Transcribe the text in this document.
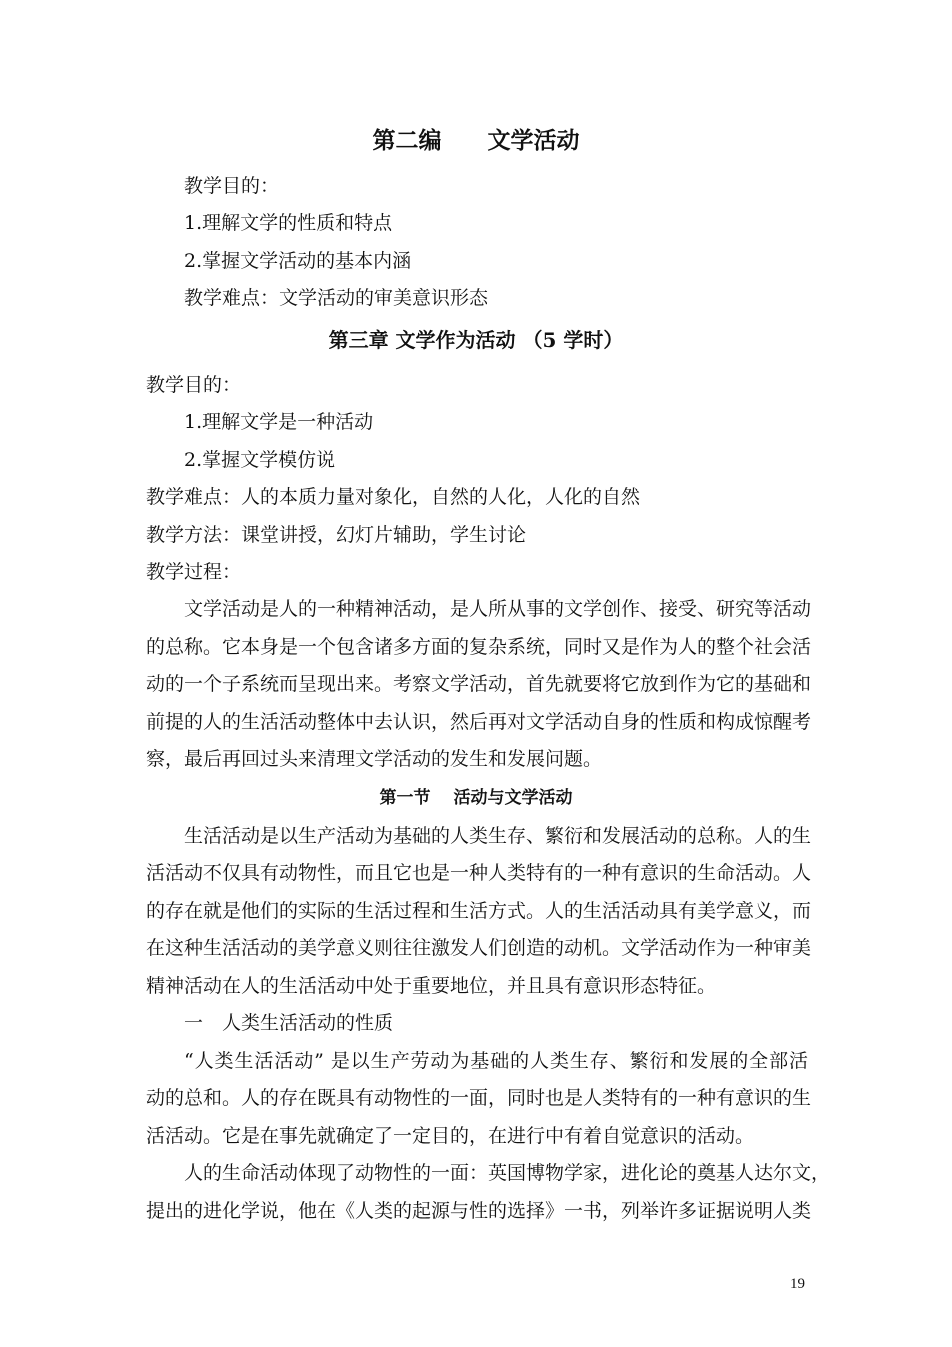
第二编　　文学活动
教学目的：
1.理解文学的性质和特点
2.掌握文学活动的基本内涵
教学难点：文学活动的审美意识形态
第三章 文学作为活动 （5 学时）
教学目的：
1.理解文学是一种活动
2.掌握文学模仿说
教学难点：人的本质力量对象化，自然的人化，人化的自然
教学方法：课堂讲授，幻灯片辅助，学生讨论
教学过程：
文学活动是人的一种精神活动，是人所从事的文学创作、接受、研究等活动
的总称。它本身是一个包含诸多方面的复杂系统，同时又是作为人的整个社会活
动的一个子系统而呈现出来。考察文学活动，首先就要将它放到作为它的基础和
前提的人的生活活动整体中去认识，然后再对文学活动自身的性质和构成惊醒考
察，最后再回过头来清理文学活动的发生和发展问题。
第一节　 活动与文学活动
生活活动是以生产活动为基础的人类生存、繁衍和发展活动的总称。人的生
活活动不仅具有动物性，而且它也是一种人类特有的一种有意识的生命活动。人
的存在就是他们的实际的生活过程和生活方式。人的生活活动具有美学意义，而
在这种生活活动的美学意义则往往激发人们创造的动机。文学活动作为一种审美
精神活动在人的生活活动中处于重要地位，并且具有意识形态特征。
一　人类生活活动的性质
“人类生活活动” 是以生产劳动为基础的人类生存、繁衍和发展的全部活
动的总和。人的存在既具有动物性的一面，同时也是人类特有的一种有意识的生
活活动。它是在事先就确定了一定目的，在进行中有着自觉意识的活动。
人的生命活动体现了动物性的一面：英国博物学家，进化论的奠基人达尔文，
提出的进化学说，他在《人类的起源与性的选择》一书，列举许多证据说明人类
19
